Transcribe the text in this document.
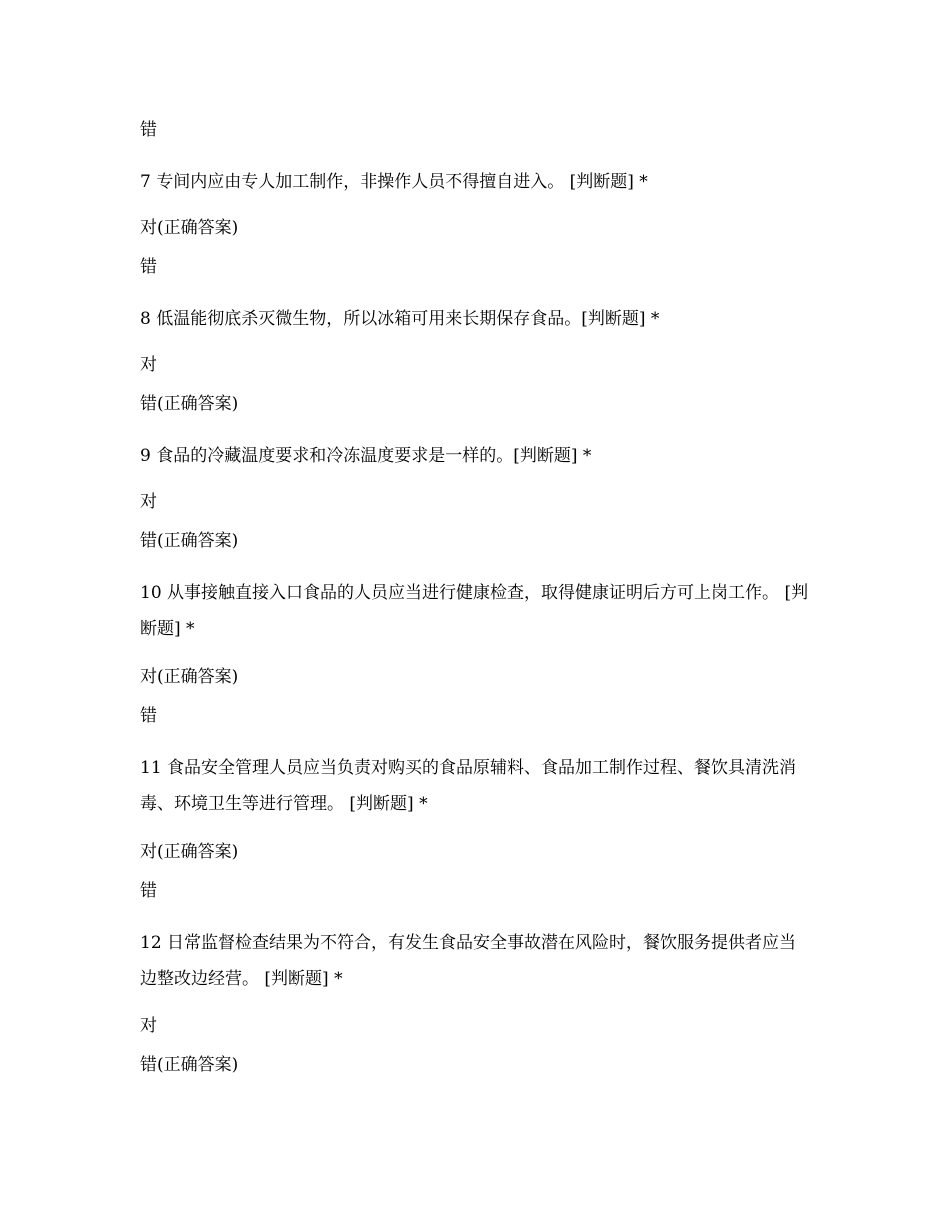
错
7 专间内应由专人加工制作，非操作人员不得擅自进入。 [判断题] *
对(正确答案)
错
8 低温能彻底杀灭微生物，所以冰箱可用来长期保存食品。[判断题] *
对
错(正确答案)
9 食品的冷藏温度要求和冷冻温度要求是一样的。[判断题] *
对
错(正确答案)
10 从事接触直接入口食品的人员应当进行健康检查，取得健康证明后方可上岗工作。 [判断题] *
对(正确答案)
错
11 食品安全管理人员应当负责对购买的食品原辅料、食品加工制作过程、餐饮具清洗消毒、环境卫生等进行管理。 [判断题] *
对(正确答案)
错
12 日常监督检查结果为不符合，有发生食品安全事故潜在风险时，餐饮服务提供者应当边整改边经营。 [判断题] *
对
错(正确答案)
